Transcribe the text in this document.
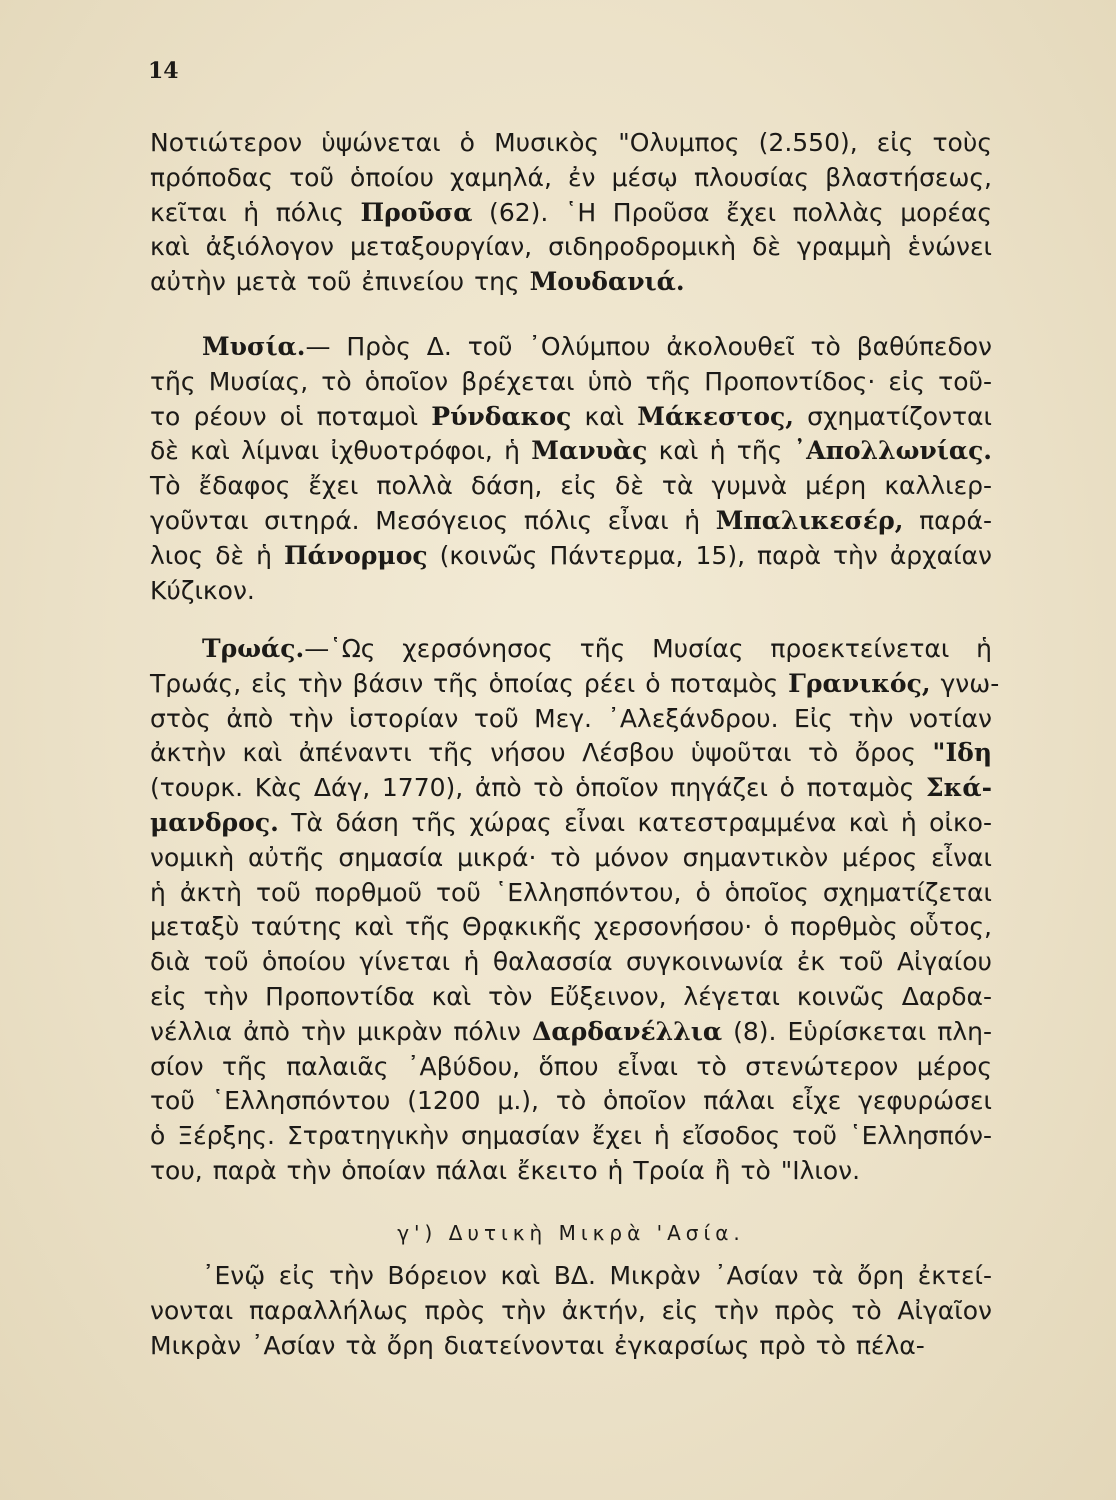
14
Νοτιώτερον ὑψώνεται ὁ Μυσικὸς "Ολυμπος (2.550), εἰς τοὺς
πρόποδας τοῦ ὁποίου χαμηλά, ἐν μέσῳ πλουσίας βλαστήσεως,
κεῖται ἡ πόλις Προῦσα (62). ῾Η Προῦσα ἔχει πολλὰς μορέας
καὶ ἀξιόλογον μεταξουργίαν, σιδηροδρομικὴ δὲ γραμμὴ ἑνώνει
αὐτὴν μετὰ τοῦ ἐπινείου της Μουδανιά.
Μυσία.— Πρὸς Δ. τοῦ ᾿Ολύμπου ἀκολουθεῖ τὸ βαθύπεδον
τῆς Μυσίας, τὸ ὁποῖον βρέχεται ὑπὸ τῆς Προποντίδος· εἰς τοῦ-
το ρέουν οἱ ποταμοὶ Ρύνδακος καὶ Μάκεστος, σχηματίζονται
δὲ καὶ λίμναι ἰχθυοτρόφοι, ἡ Μανυὰς καὶ ἡ τῆς ᾿Απολλωνίας.
Τὸ ἔδαφος ἔχει πολλὰ δάση, εἰς δὲ τὰ γυμνὰ μέρη καλλιερ-
γοῦνται σιτηρά. Μεσόγειος πόλις εἶναι ἡ Μπαλικεσέρ, παρά-
λιος δὲ ἡ Πάνορμος (κοινῶς Πάντερμα, 15), παρὰ τὴν ἀρχαίαν
Κύζικον.
Τρωάς.—῾Ως χερσόνησος τῆς Μυσίας προεκτείνεται ἡ
Τρωάς, εἰς τὴν βάσιν τῆς ὁποίας ρέει ὁ ποταμὸς Γρανικός, γνω-
στὸς ἀπὸ τὴν ἱστορίαν τοῦ Μεγ. ᾿Αλεξάνδρου. Εἰς τὴν νοτίαν
ἀκτὴν καὶ ἀπέναντι τῆς νήσου Λέσβου ὑψοῦται τὸ ὄρος "Ιδη
(τουρκ. Κὰς Δάγ, 1770), ἀπὸ τὸ ὁποῖον πηγάζει ὁ ποταμὸς Σκά-
μανδρος. Τὰ δάση τῆς χώρας εἶναι κατεστραμμένα καὶ ἡ οἰκο-
νομικὴ αὐτῆς σημασία μικρά· τὸ μόνον σημαντικὸν μέρος εἶναι
ἡ ἀκτὴ τοῦ πορθμοῦ τοῦ ῾Ελλησπόντου, ὁ ὁποῖος σχηματίζεται
μεταξὺ ταύτης καὶ τῆς Θρᾳκικῆς χερσονήσου· ὁ πορθμὸς οὗτος,
διὰ τοῦ ὁποίου γίνεται ἡ θαλασσία συγκοινωνία ἐκ τοῦ Αἰγαίου
εἰς τὴν Προποντίδα καὶ τὸν Εὔξεινον, λέγεται κοινῶς Δαρδα-
νέλλια ἀπὸ τὴν μικρὰν πόλιν Δαρδανέλλια (8). Εὑρίσκεται πλη-
σίον τῆς παλαιᾶς ᾿Αβύδου, ὅπου εἶναι τὸ στενώτερον μέρος
τοῦ ῾Ελλησπόντου (1200 μ.), τὸ ὁποῖον πάλαι εἶχε γεφυρώσει
ὁ Ξέρξης. Στρατηγικὴν σημασίαν ἔχει ἡ εἴσοδος τοῦ ῾Ελλησπόν-
του, παρὰ τὴν ὁποίαν πάλαι ἔκειτο ἡ Τροία ἢ τὸ "Ιλιον.
γ') Δυτικὴ Μικρὰ 'Ασία.
᾿Ενῷ εἰς τὴν Βόρειον καὶ ΒΔ. Μικρὰν ᾿Ασίαν τὰ ὄρη ἐκτεί-
νονται παραλλήλως πρὸς τὴν ἀκτήν, εἰς τὴν πρὸς τὸ Αἰγαῖον
Μικρὰν ᾿Ασίαν τὰ ὄρη διατείνονται ἐγκαρσίως πρὸ τὸ πέλα-
